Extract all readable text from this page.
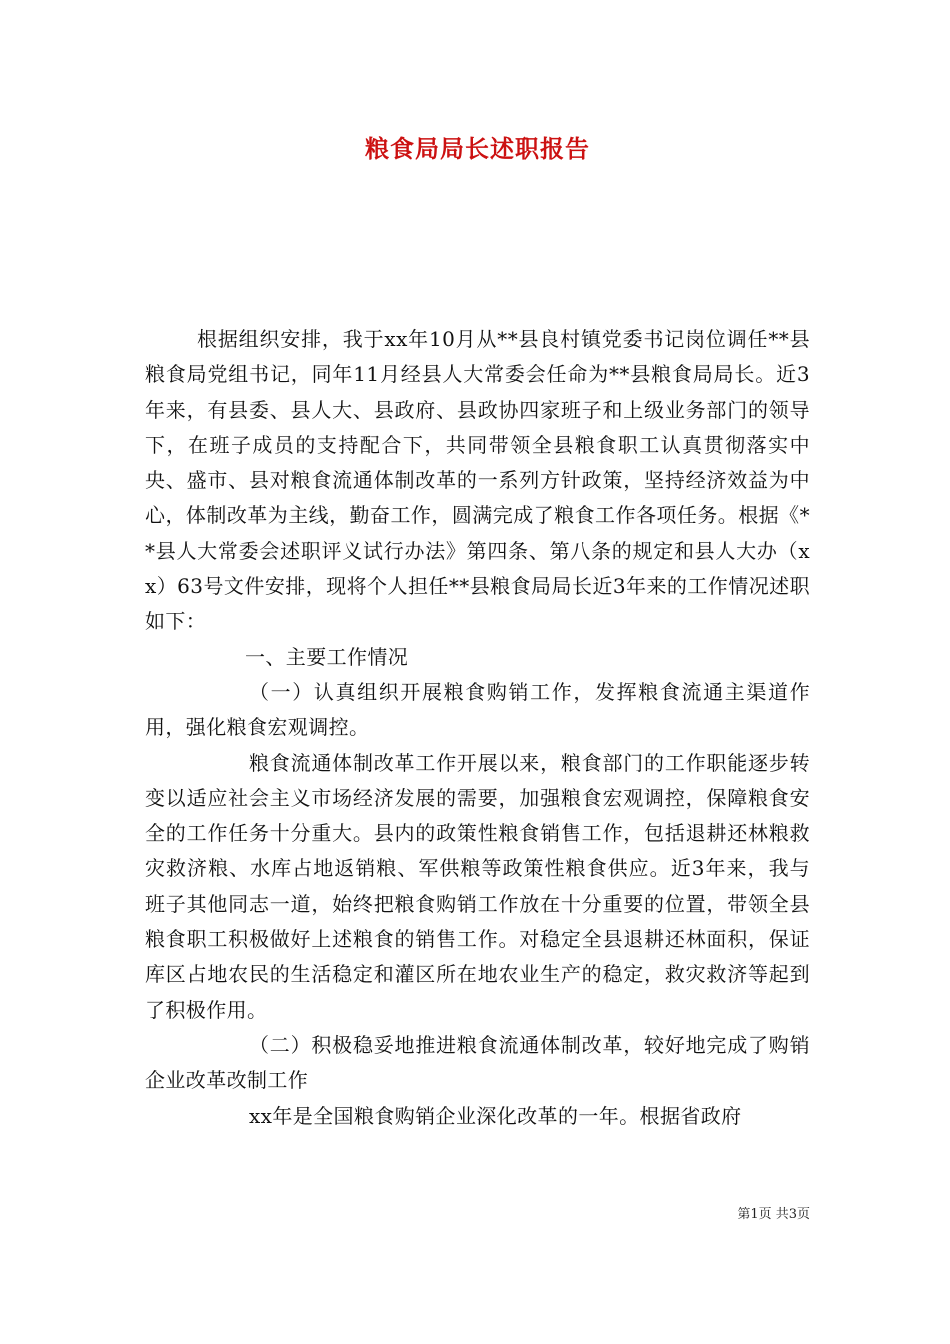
粮食局局长述职报告

根据组织安排，我于xx年10月从**县良村镇党委书记岗位调任**县粮食局党组书记，同年11月经县人大常委会任命为**县粮食局局长。近3年来，有县委、县人大、县政府、县政协四家班子和上级业务部门的领导下，在班子成员的支持配合下，共同带领全县粮食职工认真贯彻落实中央、盛市、县对粮食流通体制改革的一系列方针政策，坚持经济效益为中心，体制改革为主线，勤奋工作，圆满完成了粮食工作各项任务。根据《**县人大常委会述职评义试行办法》第四条、第八条的规定和县人大办（xx）63号文件安排，现将个人担任**县粮食局局长近3年来的工作情况述职如下：

一、主要工作情况

（一）认真组织开展粮食购销工作，发挥粮食流通主渠道作用，强化粮食宏观调控。

粮食流通体制改革工作开展以来，粮食部门的工作职能逐步转变以适应社会主义市场经济发展的需要，加强粮食宏观调控，保障粮食安全的工作任务十分重大。县内的政策性粮食销售工作，包括退耕还林粮救灾救济粮、水库占地返销粮、军供粮等政策性粮食供应。近3年来，我与班子其他同志一道，始终把粮食购销工作放在十分重要的位置，带领全县粮食职工积极做好上述粮食的销售工作。对稳定全县退耕还林面积，保证库区占地农民的生活稳定和灌区所在地农业生产的稳定，救灾救济等起到了积极作用。

（二）积极稳妥地推进粮食流通体制改革，较好地完成了购销企业改革改制工作

xx年是全国粮食购销企业深化改革的一年。根据省政府

第1页 共3页
